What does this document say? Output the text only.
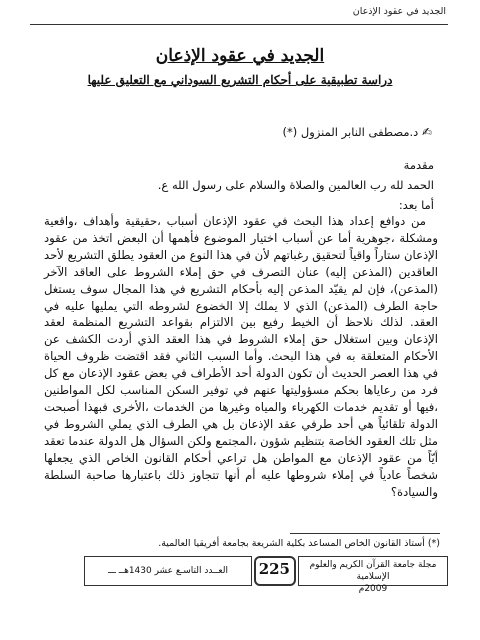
الجديد في عقود الإذعان
الجديد في عقود الإذعان
دراسة تطبيقية على أحكام التشريع السوداني مع التعليق عليها
✍ د.مصطفى النابر المنزول (*)
مقدمة
الحمد لله رب العالمين والصلاة والسلام على رسول الله ع.
أما بعد:

من دوافع إعداد هذا البحث في عقود الإذعان أسباب ،حقيقية وأهداف ،واقعية ومشكلة ،جوهرية أما عن أسباب اختيار الموضوع فأهمها أن البعض اتخذ من عقود الإذعان ستاراً واقياً لتحقيق رغباتهم لأن في هذا النوع من العقود يطلق التشريع لأحد العاقدين (المذعن إليه) عنان التصرف في حق إملاء الشروط على العاقد الآخر (المذعن)، فإن لم يقيّد المذعن إليه بأحكام التشريع في هذا المجال سوف يستغل حاجة الطرف (المذعن) الذي لا يملك إلا الخضوع لشروطه التي يمليها عليه في العقد. لذلك نلاحظ أن الخيط رفيع بين الالتزام بقواعد التشريع المنظمة لعقد الإذعان وبين استغلال حق إملاء الشروط في هذا العقد الذي أردت الكشف عن الأحكام المتعلقة به في هذا البحث. وأما السبب الثاني فقد اقتضت ظروف الحياة في هذا العصر الحديث أن تكون الدولة أحد الأطراف في بعض عقود الإذعان مع كل فرد من رعاياها بحكم مسؤوليتها عنهم في توفير السكن المناسب لكل المواطنين ،فيها أو تقديم خدمات الكهرباء والمياه وغيرها من الخدمات ،الأخرى فبهذا أصبحت الدولة تلقائياً هي أحد طرفي عقد الإذعان بل هي الطرف الذي يملي الشروط في مثل تلك العقود الخاصة بتنظيم شؤون ،المجتمع ولكن السؤال هل الدولة عندما تعقد أيّاً من عقود الإذعان مع المواطن هل تراعي أحكام القانون الخاص الذي يجعلها شخصاً عادياً في إملاء شروطها عليه أم أنها تتجاوز ذلك باعتبارها صاحبة السلطة والسيادة؟

(*) أستاذ القانون الخاص المساعد بكلية الشريعة بجامعة أفريقيا العالمية.
مجلة جامعة القرآن الكريم والعلوم الإسلامية
2009م
225
العــدد التاسـع عشر 1430هــ ـــ
